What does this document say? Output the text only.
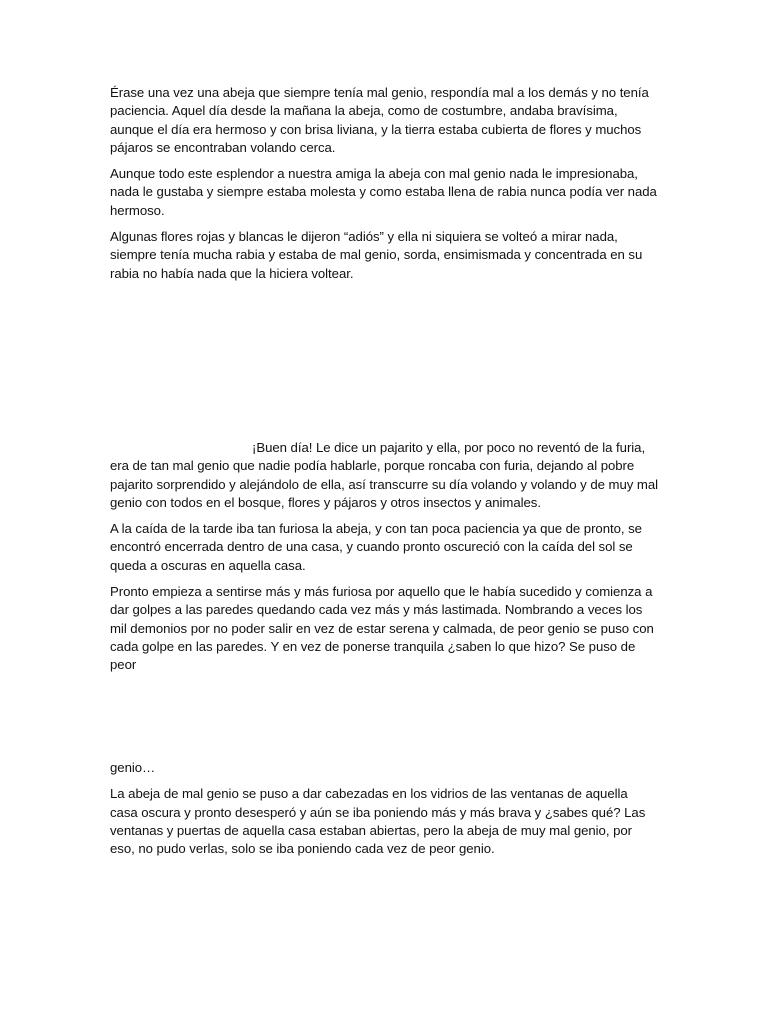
Érase una vez una abeja que siempre tenía mal genio, respondía mal a los demás y no tenía paciencia. Aquel día desde la mañana la abeja, como de costumbre, andaba bravísima, aunque el día era hermoso y con brisa liviana, y la tierra estaba cubierta de flores y muchos pájaros se encontraban volando cerca.

Aunque todo este esplendor a nuestra amiga la abeja con mal genio nada le impresionaba, nada le gustaba y siempre estaba molesta y como estaba llena de rabia nunca podía ver nada hermoso.

Algunas flores rojas y blancas le dijeron “adiós” y ella ni siquiera se volteó a mirar nada, siempre tenía mucha rabia y estaba de mal genio, sorda, ensimismada y concentrada en su rabia no había nada que la hiciera voltear.

¡Buen día! Le dice un pajarito y ella, por poco no reventó de la furia, era de tan mal genio que nadie podía hablarle, porque roncaba con furia, dejando al pobre pajarito sorprendido y alejándolo de ella, así transcurre su día volando y volando y de muy mal genio con todos en el bosque, flores y pájaros y otros insectos y animales.

A la caída de la tarde iba tan furiosa la abeja, y con tan poca paciencia ya que de pronto, se encontró encerrada dentro de una casa, y cuando pronto oscureció con la caída del sol se queda a oscuras en aquella casa.

Pronto empieza a sentirse más y más furiosa por aquello que le había sucedido y comienza a dar golpes a las paredes quedando cada vez más y más lastimada. Nombrando a veces los mil demonios por no poder salir en vez de estar serena y calmada, de peor genio se puso con cada golpe en las paredes. Y en vez de ponerse tranquila ¿saben lo que hizo? Se puso de peor

genio…

La abeja de mal genio se puso a dar cabezadas en los vidrios de las ventanas de aquella casa oscura y pronto desesperó y aún se iba poniendo más y más brava y ¿sabes qué? Las ventanas y puertas de aquella casa estaban abiertas, pero la abeja de muy mal genio, por eso, no pudo verlas, solo se iba poniendo cada vez de peor genio.
